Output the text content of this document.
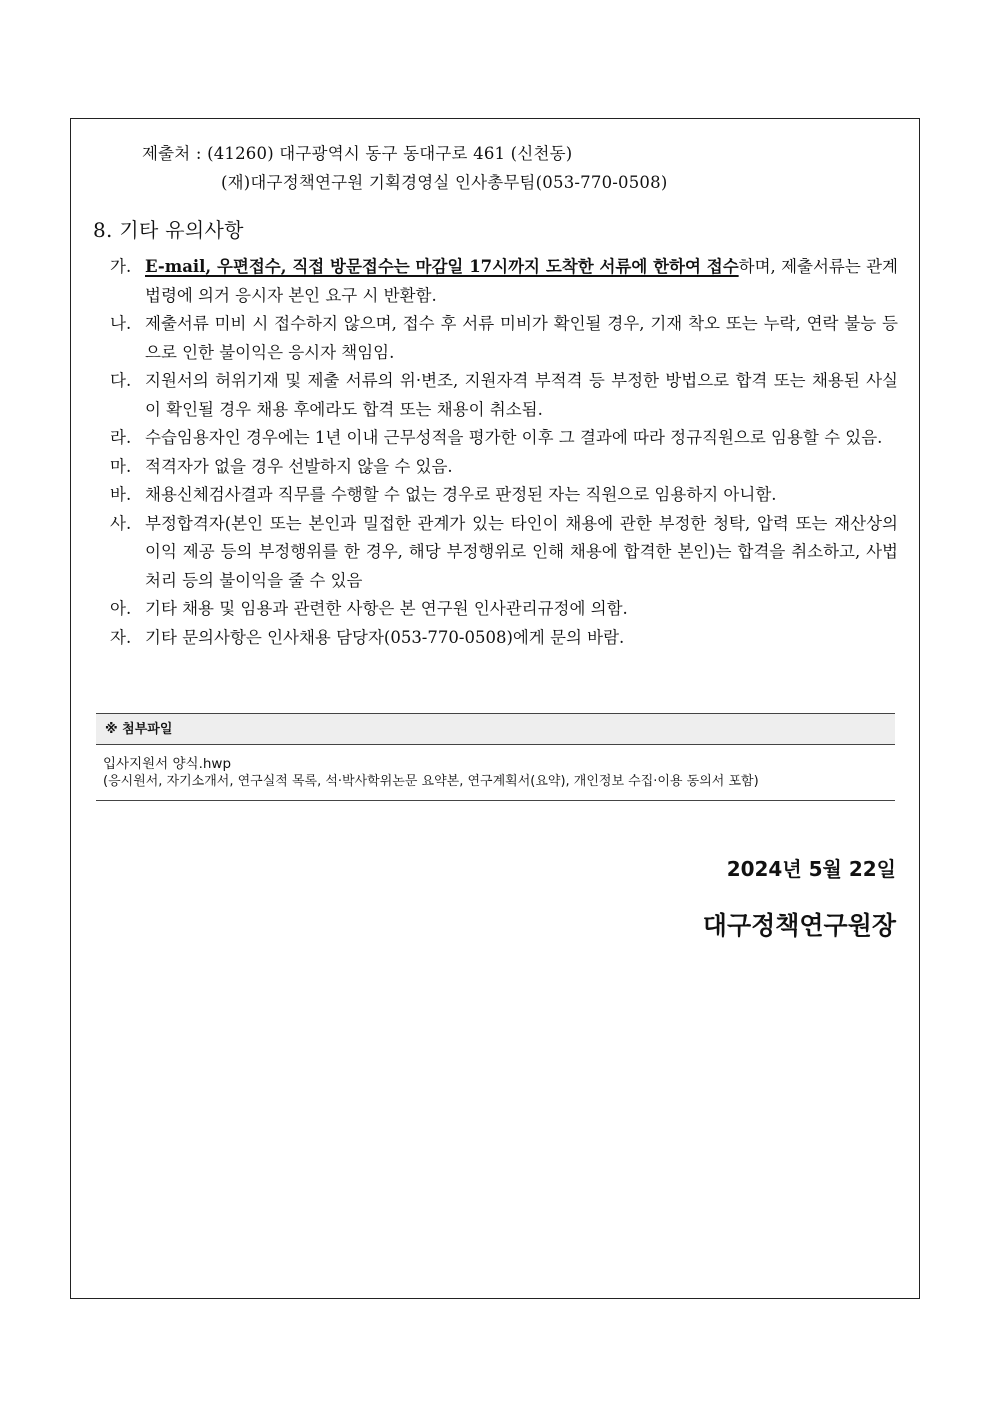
제출처 : (41260) 대구광역시 동구 동대구로 461 (신천동)
(재)대구정책연구원 기획경영실 인사총무팀(053-770-0508)
8. 기타 유의사항
가. E-mail, 우편접수, 직접 방문접수는 마감일 17시까지 도착한 서류에 한하여 접수하며, 제출서류는 관계 법령에 의거 응시자 본인 요구 시 반환함.
나. 제출서류 미비 시 접수하지 않으며, 접수 후 서류 미비가 확인될 경우, 기재 착오 또는 누락, 연락 불능 등으로 인한 불이익은 응시자 책임임.
다. 지원서의 허위기재 및 제출 서류의 위·변조, 지원자격 부적격 등 부정한 방법으로 합격 또는 채용된 사실이 확인될 경우 채용 후에라도 합격 또는 채용이 취소됨.
라. 수습임용자인 경우에는 1년 이내 근무성적을 평가한 이후 그 결과에 따라 정규직원으로 임용할 수 있음.
마. 적격자가 없을 경우 선발하지 않을 수 있음.
바. 채용신체검사결과 직무를 수행할 수 없는 경우로 판정된 자는 직원으로 임용하지 아니함.
사. 부정합격자(본인 또는 본인과 밀접한 관계가 있는 타인이 채용에 관한 부정한 청탁, 압력 또는 재산상의 이익 제공 등의 부정행위를 한 경우, 해당 부정행위로 인해 채용에 합격한 본인)는 합격을 취소하고, 사법처리 등의 불이익을 줄 수 있음
아. 기타 채용 및 임용과 관련한 사항은 본 연구원 인사관리규정에 의함.
자. 기타 문의사항은 인사채용 담당자(053-770-0508)에게 문의 바람.
※ 첨부파일
입사지원서 양식.hwp
(응시원서, 자기소개서, 연구실적 목록, 석·박사학위논문 요약본, 연구계획서(요약), 개인정보 수집·이용 동의서 포함)
2024년 5월 22일
대구정책연구원장
